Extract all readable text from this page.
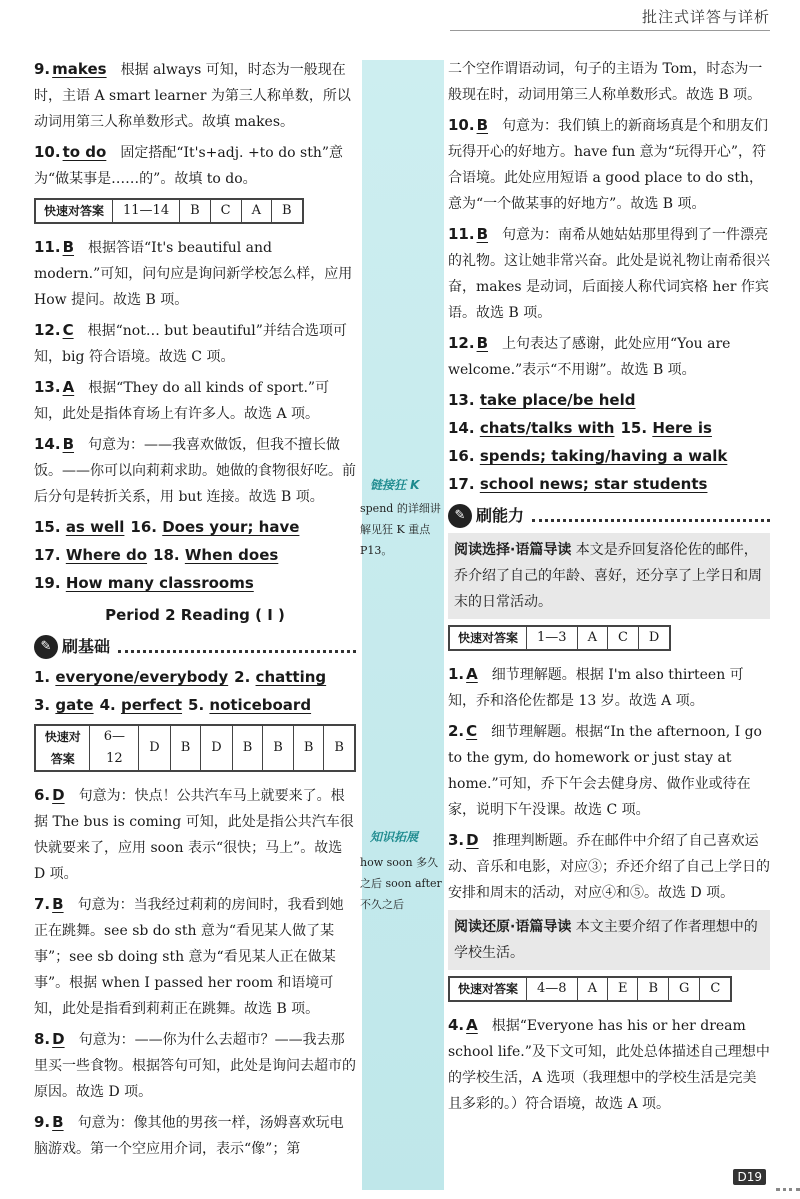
批注式详答与详析
链接狂 K
spend 的详细讲解见狂 K 重点 P13。
知识拓展
how soon 多久之后 soon after 不久之后
9. makes 根据 always 可知，时态为一般现在时，主语 A smart learner 为第三人称单数，所以动词用第三人称单数形式。故填 makes。
10. to do 固定搭配“It's+adj. +to do sth”意为“做某事是……的”。故填 to do。
快速对答案	11—14	B	C	A	B
11. B 根据答语“It's beautiful and modern.”可知，问句应是询问新学校怎么样，应用 How 提问。故选 B 项。
12. C 根据“not… but beautiful”并结合选项可知，big 符合语境。故选 C 项。
13. A 根据“They do all kinds of sport.”可知，此处是指体育场上有许多人。故选 A 项。
14. B 句意为：——我喜欢做饭，但我不擅长做饭。——你可以向莉莉求助。她做的食物很好吃。前后分句是转折关系，用 but 连接。故选 B 项。
15. as well 16. Does your; have
17. Where do 18. When does
19. How many classrooms
Period 2 Reading ( Ⅰ )
✎ 刷基础
1. everyone/everybody 2. chatting
3. gate 4. perfect 5. noticeboard
快速对答案	6—12	D	B	D	B	B	B	B
6. D 句意为：快点！公共汽车马上就要来了。根据 The bus is coming 可知，此处是指公共汽车很快就要来了，应用 soon 表示“很快；马上”。故选 D 项。
7. B 句意为：当我经过莉莉的房间时，我看到她正在跳舞。see sb do sth 意为“看见某人做了某事”；see sb doing sth 意为“看见某人正在做某事”。根据 when I passed her room 和语境可知，此处是指看到莉莉正在跳舞。故选 B 项。
8. D 句意为：——你为什么去超市？——我去那里买一些食物。根据答句可知，此处是询问去超市的原因。故选 D 项。
9. B 句意为：像其他的男孩一样，汤姆喜欢玩电脑游戏。第一个空应用介词，表示“像”；第
二个空作谓语动词，句子的主语为 Tom，时态为一般现在时，动词用第三人称单数形式。故选 B 项。
10. B 句意为：我们镇上的新商场真是个和朋友们玩得开心的好地方。have fun 意为“玩得开心”，符合语境。此处应用短语 a good place to do sth，意为“一个做某事的好地方”。故选 B 项。
11. B 句意为：南希从她姑姑那里得到了一件漂亮的礼物。这让她非常兴奋。此处是说礼物让南希很兴奋，makes 是动词，后面接人称代词宾格 her 作宾语。故选 B 项。
12. B 上句表达了感谢，此处应用“You are welcome.”表示“不用谢”。故选 B 项。
13. take place/be held
14. chats/talks with 15. Here is
16. spends; taking/having a walk
17. school news; star students
✎ 刷能力
阅读选择·语篇导读 本文是乔回复洛伦佐的邮件，乔介绍了自己的年龄、喜好，还分享了上学日和周末的日常活动。
快速对答案	1—3	A	C	D
1. A 细节理解题。根据 I'm also thirteen 可知，乔和洛伦佐都是 13 岁。故选 A 项。
2. C 细节理解题。根据“In the afternoon, I go to the gym, do homework or just stay at home.”可知，乔下午会去健身房、做作业或待在家，说明下午没课。故选 C 项。
3. D 推理判断题。乔在邮件中介绍了自己喜欢运动、音乐和电影，对应③；乔还介绍了自己上学日的安排和周末的活动，对应④和⑤。故选 D 项。
阅读还原·语篇导读 本文主要介绍了作者理想中的学校生活。
快速对答案	4—8	A	E	B	G	C
4. A 根据“Everyone has his or her dream school life.”及下文可知，此处总体描述自己理想中的学校生活，A 选项（我理想中的学校生活是完美且多彩的。）符合语境，故选 A 项。
D19
